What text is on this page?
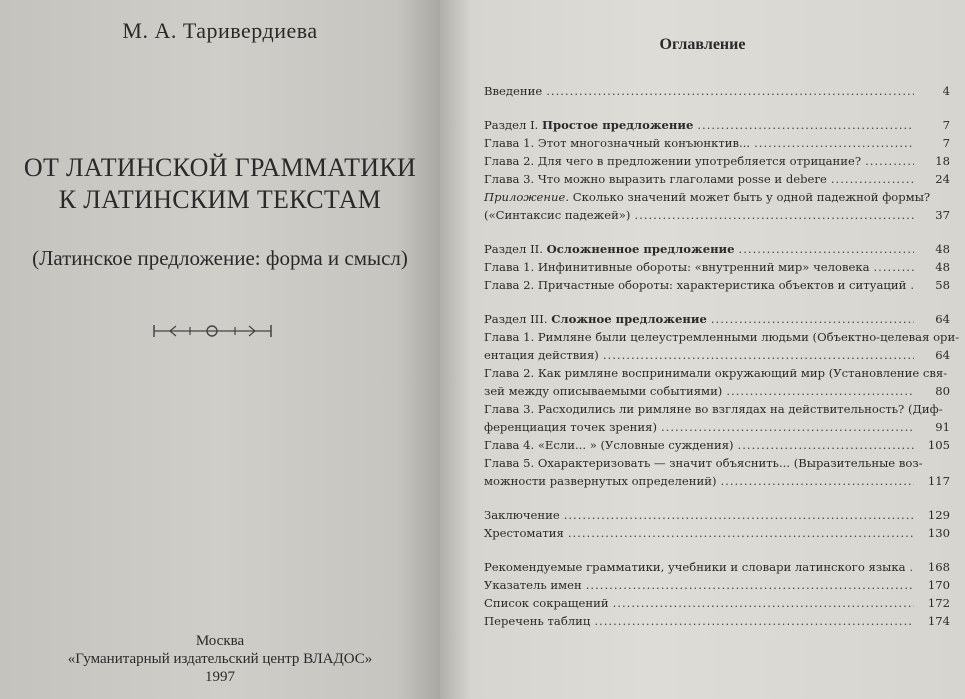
М. А. Таривердиева
ОТ ЛАТИНСКОЙ ГРАММАТИКИ
К ЛАТИНСКИМ ТЕКСТАМ
(Латинское предложение: форма и смысл)
Москва
«Гуманитарный издательский центр ВЛАДОС»
1997
Оглавление
Введение .....	4
Раздел I. Простое предложение .....	7
Глава 1. Этот многозначный конъюнктив... .....	7
Глава 2. Для чего в предложении употребляется отрицание? .....	18
Глава 3. Что можно выразить глаголами posse и debere .....	24
Приложение. Сколько значений может быть у одной падежной формы?
(«Синтаксис падежей») .....	37
Раздел II. Осложненное предложение .....	48
Глава 1. Инфинитивные обороты: «внутренний мир» человека .....	48
Глава 2. Причастные обороты: характеристика объектов и ситуаций .....	58
Раздел III. Сложное предложение .....	64
Глава 1. Римляне были целеустремленными людьми (Объектно-целевая ори-
ентация действия) .....	64
Глава 2. Как римляне воспринимали окружающий мир (Установление свя-
зей между описываемыми событиями) .....	80
Глава 3. Расходились ли римляне во взглядах на действительность? (Диф-
ференциация точек зрения) .....	91
Глава 4. «Если... » (Условные суждения) .....	105
Глава 5. Охарактеризовать — значит объяснить... (Выразительные воз-
можности развернутых определений) .....	117
Заключение .....	129
Хрестоматия .....	130
Рекомендуемые грамматики, учебники и словари латинского языка .....	168
Указатель имен .....	170
Список сокращений .....	172
Перечень таблиц .....	174
